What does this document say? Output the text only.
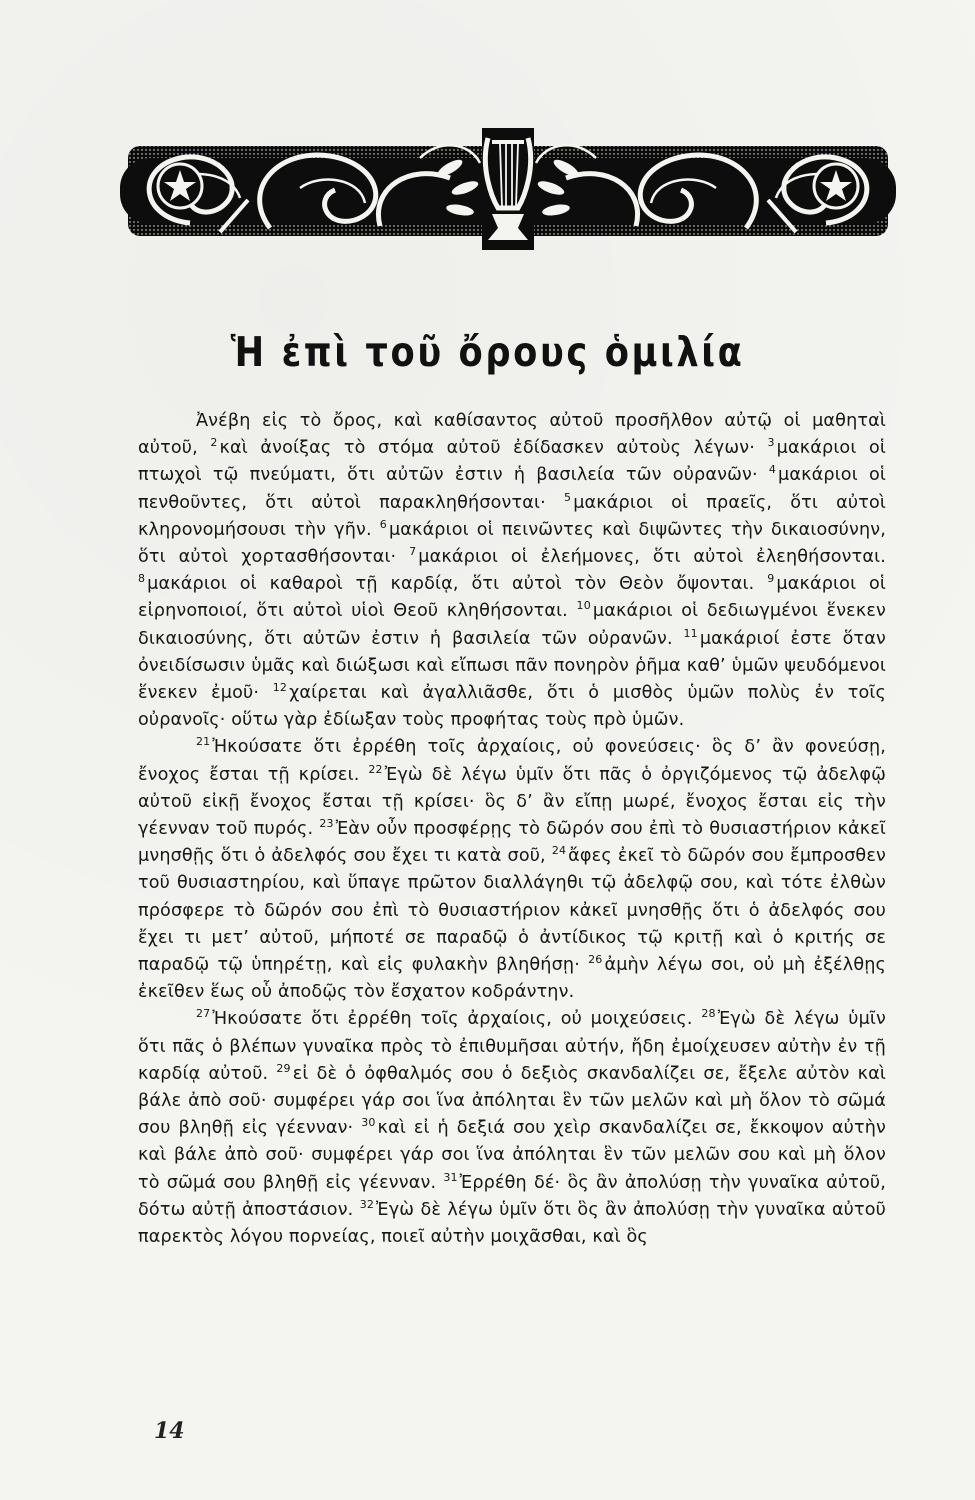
Ἡ ἐπὶ τοῦ ὄρους ὁμιλία

Ἀνέβη εἰς τὸ ὄρος, καὶ καθίσαντος αὐτοῦ προσῆλθον αὐτῷ οἱ μαθηταὶ αὐτοῦ, $^2$ καὶ ἀνοίξας τὸ στόμα αὐτοῦ ἐδίδασκεν αὐτοὺς λέγων· $^3$ μακάριοι οἱ πτωχοὶ τῷ πνεύματι, ὅτι αὐτῶν ἐστιν ἡ βασιλεία τῶν οὐρανῶν· $^4$ μακάριοι οἱ πενθοῦντες, ὅτι αὐτοὶ παρακληθήσονται· $^5$ μακάριοι οἱ πραεῖς, ὅτι αὐτοὶ κληρονομήσουσι τὴν γῆν. $^6$ μακάριοι οἱ πεινῶντες καὶ διψῶντες τὴν δικαιοσύνην, ὅτι αὐτοὶ χορτασθήσονται· $^7$ μακάριοι οἱ ἐλεήμονες, ὅτι αὐτοὶ ἐλεηθήσονται. $^8$ μακάριοι οἱ καθαροὶ τῇ καρδίᾳ, ὅτι αὐτοὶ τὸν Θεὸν ὄψονται. $^9$ μακάριοι οἱ εἰρηνοποιοί, ὅτι αὐτοὶ υἱοὶ Θεοῦ κληθήσονται. $^{10}$ μακάριοι οἱ δεδιωγμένοι ἕνεκεν δικαιοσύνης, ὅτι αὐτῶν ἐστιν ἡ βασιλεία τῶν οὐρανῶν. $^{11}$ μακάριοί ἐστε ὅταν ὀνειδίσωσιν ὑμᾶς καὶ διώξωσι καὶ εἴπωσι πᾶν πονηρὸν ῥῆμα καθ’ ὑμῶν ψευδόμενοι ἕνεκεν ἐμοῦ· $^{12}$ χαίρεται καὶ ἀγαλλιᾶσθε, ὅτι ὁ μισθὸς ὑμῶν πολὺς ἐν τοῖς οὐρανοῖς· οὕτω γὰρ ἐδίωξαν τοὺς προφήτας τοὺς πρὸ ὑμῶν.

$^{21}$ Ἠκούσατε ὅτι ἐρρέθη τοῖς ἀρχαίοις, οὐ φονεύσεις· ὃς δ’ ἂν φονεύσῃ, ἔνοχος ἔσται τῇ κρίσει. $^{22}$ Ἐγὼ δὲ λέγω ὑμῖν ὅτι πᾶς ὁ ὀργιζόμενος τῷ ἀδελφῷ αὐτοῦ εἰκῇ ἔνοχος ἔσται τῇ κρίσει· ὃς δ’ ἂν εἴπῃ μωρέ, ἔνοχος ἔσται εἰς τὴν γέενναν τοῦ πυρός. $^{23}$ Ἐὰν οὖν προσφέρῃς τὸ δῶρόν σου ἐπὶ τὸ θυσιαστήριον κἀκεῖ μνησθῇς ὅτι ὁ ἀδελφός σου ἔχει τι κατὰ σοῦ, $^{24}$ ἄφες ἐκεῖ τὸ δῶρόν σου ἔμπροσθεν τοῦ θυσιαστηρίου, καὶ ὕπαγε πρῶτον διαλλάγηθι τῷ ἀδελφῷ σου, καὶ τότε ἐλθὼν πρόσφερε τὸ δῶρόν σου ἐπὶ τὸ θυσιαστήριον κἀκεῖ μνησθῇς ὅτι ὁ ἀδελφός σου ἔχει τι μετ’ αὐτοῦ, μήποτέ σε παραδῷ ὁ ἀντίδικος τῷ κριτῇ καὶ ὁ κριτής σε παραδῷ τῷ ὑπηρέτῃ, καὶ εἰς φυλακὴν βληθήσῃ· $^{26}$ ἀμὴν λέγω σοι, οὐ μὴ ἐξέλθῃς ἐκεῖθεν ἕως οὗ ἀποδῷς τὸν ἔσχατον κοδράντην.

$^{27}$ Ἠκούσατε ὅτι ἐρρέθη τοῖς ἀρχαίοις, οὐ μοιχεύσεις. $^{28}$ Ἐγὼ δὲ λέγω ὑμῖν ὅτι πᾶς ὁ βλέπων γυναῖκα πρὸς τὸ ἐπιθυμῆσαι αὐτήν, ἤδη ἐμοίχευσεν αὐτὴν ἐν τῇ καρδίᾳ αὐτοῦ. $^{29}$ εἰ δὲ ὁ ὀφθαλμός σου ὁ δεξιὸς σκανδαλίζει σε, ἔξελε αὐτὸν καὶ βάλε ἀπὸ σοῦ· συμφέρει γάρ σοι ἵνα ἀπόληται ἓν τῶν μελῶν καὶ μὴ ὅλον τὸ σῶμά σου βληθῇ εἰς γέενναν· $^{30}$ καὶ εἰ ἡ δεξιά σου χεὶρ σκανδαλίζει σε, ἔκκοψον αὐτὴν καὶ βάλε ἀπὸ σοῦ· συμφέρει γάρ σοι ἵνα ἀπόληται ἓν τῶν μελῶν σου καὶ μὴ ὅλον τὸ σῶμά σου βληθῇ εἰς γέενναν. $^{31}$ Ἐρρέθη δέ· ὃς ἂν ἀπολύσῃ τὴν γυναῖκα αὐτοῦ, δότω αὐτῇ ἀποστάσιον. $^{32}$ Ἐγὼ δὲ λέγω ὑμῖν ὅτι ὃς ἂν ἀπολύσῃ τὴν γυναῖκα αὐτοῦ παρεκτὸς λόγου πορνείας, ποιεῖ αὐτὴν μοιχᾶσθαι, καὶ ὃς

14
